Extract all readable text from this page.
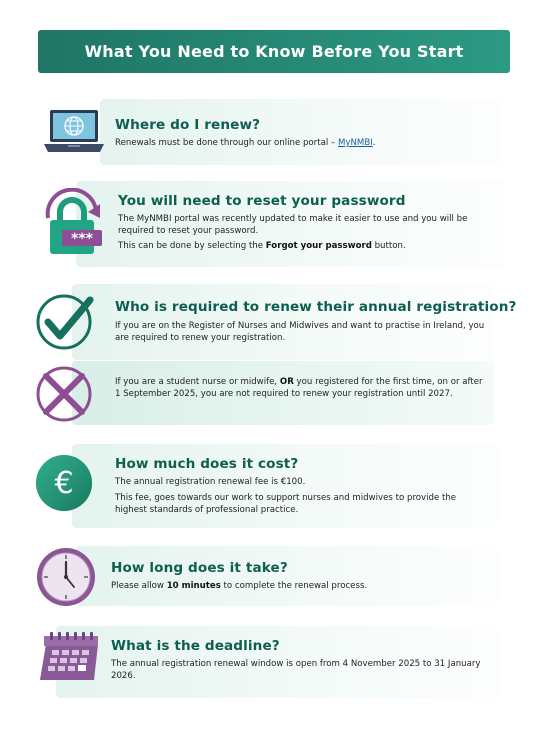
What You Need to Know Before You Start
Where do I renew?
Renewals must be done through our online portal – MyNMBI.
***
You will need to reset your password
The MyNMBI portal was recently updated to make it easier to use and you will be required to reset your password.
This can be done by selecting the Forgot your password button.
Who is required to renew their annual registration?
If you are on the Register of Nurses and Midwives and want to practise in Ireland, you are required to renew your registration.
If you are a student nurse or midwife, OR you registered for the first time, on or after 1 September 2025, you are not required to renew your registration until 2027.
€
How much does it cost?
The annual registration renewal fee is €100.
This fee, goes towards our work to support nurses and midwives to provide the highest standards of professional practice.
How long does it take?
Please allow 10 minutes to complete the renewal process.
What is the deadline?
The annual registration renewal window is open from 4 November 2025 to 31 January 2026.
